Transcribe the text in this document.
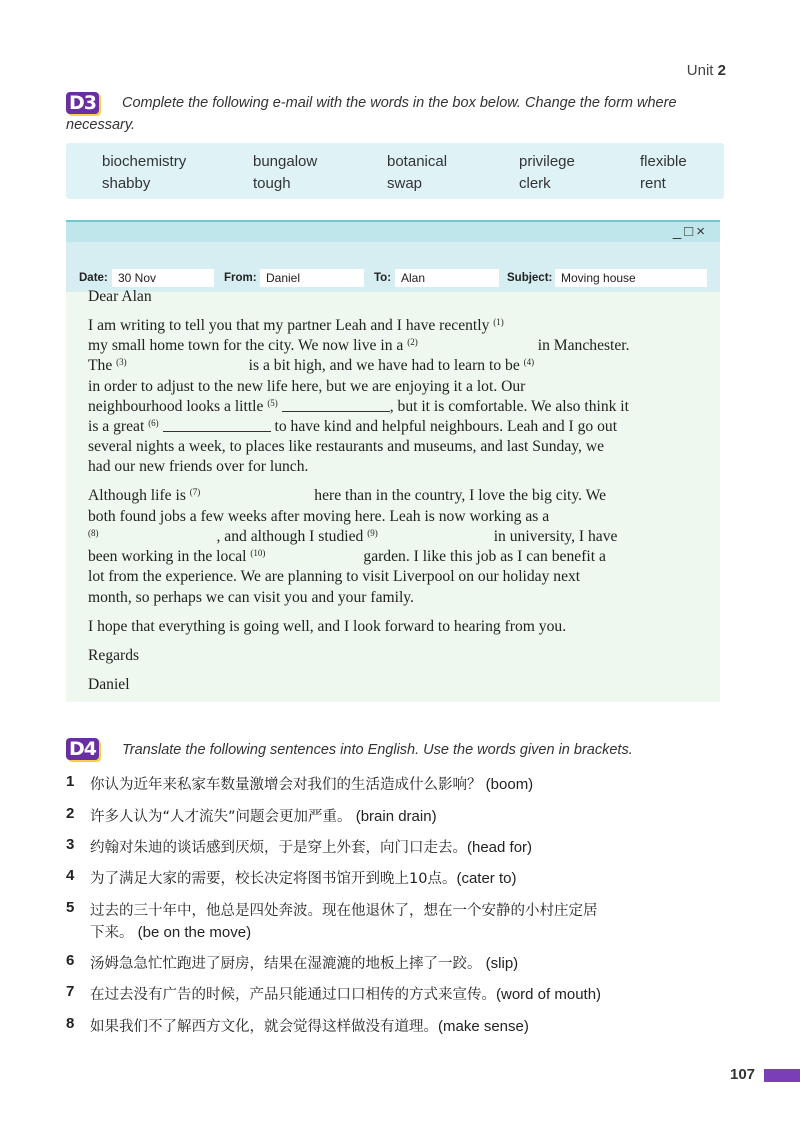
Unit 2
D3 Complete the following e-mail with the words in the box below. Change the form where
necessary.
biochemistry	bungalow	botanical	privilege	flexible
shabby	tough	swap	clerk	rent
_□×
Date: 30 Nov	From: Daniel	To: Alan	Subject: Moving house
Dear Alan
I am writing to tell you that my partner Leah and I have recently $^{(1)}$
my small home town for the city. We now live in a $^{(2)}$	in Manchester.
The $^{(3)}$	is a bit high, and we have had to learn to be $^{(4)}$
in order to adjust to the new life here, but we are enjoying it a lot. Our
neighbourhood looks a little $^{(5)}$	, but it is comfortable. We also think it
is a great $^{(6)}$	to have kind and helpful neighbours. Leah and I go out
several nights a week, to places like restaurants and museums, and last Sunday, we
had our new friends over for lunch.
Although life is $^{(7)}$	here than in the country, I love the big city. We
both found jobs a few weeks after moving here. Leah is now working as a
$^{(8)}$	, and although I studied $^{(9)}$	in university, I have
been working in the local $^{(10)}$	garden. I like this job as I can benefit a
lot from the experience. We are planning to visit Liverpool on our holiday next
month, so perhaps we can visit you and your family.
I hope that everything is going well, and I look forward to hearing from you.
Regards
Daniel
D4 Translate the following sentences into English. Use the words given in brackets.
1 你认为近年来私家车数量激增会对我们的生活造成什么影响？ (boom)
2 许多人认为“人才流失”问题会更加严重。 (brain drain)
3 约翰对朱迪的谈话感到厌烦，于是穿上外套，向门口走去。(head for)
4 为了满足大家的需要，校长决定将图书馆开到晚上10点。(cater to)
5 过去的三十年中，他总是四处奔波。现在他退休了，想在一个安静的小村庄定居
下来。 (be on the move)
6 汤姆急急忙忙跑进了厨房，结果在湿漉漉的地板上摔了一跤。 (slip)
7 在过去没有广告的时候，产品只能通过口口相传的方式来宣传。(word of mouth)
8 如果我们不了解西方文化，就会觉得这样做没有道理。(make sense)
107
